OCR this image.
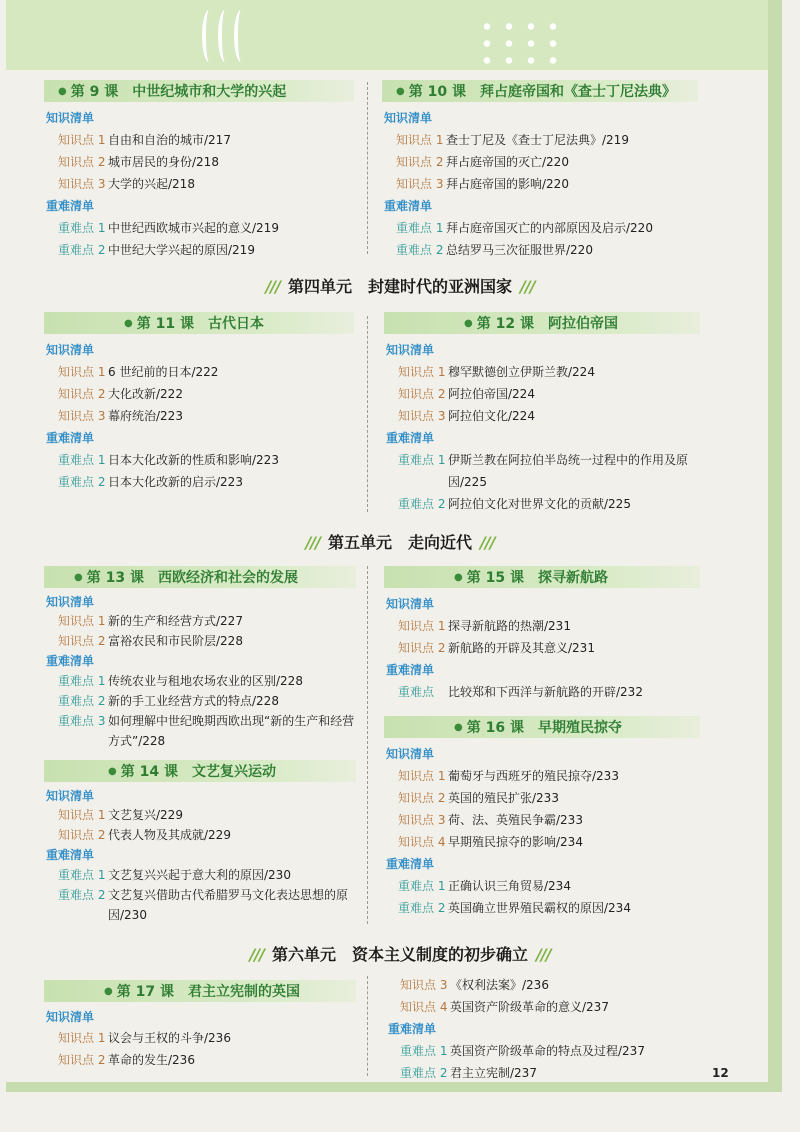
● 第 9 课 中世纪城市和大学的兴起
知识清单
知识点 1 自由和自治的城市/217
知识点 2 城市居民的身份/218
知识点 3 大学的兴起/218
重难清单
重难点 1 中世纪西欧城市兴起的意义/219
重难点 2 中世纪大学兴起的原因/219
● 第 10 课 拜占庭帝国和《查士丁尼法典》
知识清单
知识点 1 查士丁尼及《查士丁尼法典》/219
知识点 2 拜占庭帝国的灭亡/220
知识点 3 拜占庭帝国的影响/220
重难清单
重难点 1 拜占庭帝国灭亡的内部原因及启示/220
重难点 2 总结罗马三次征服世界/220
/// 第四单元　封建时代的亚洲国家 ///
● 第 11 课 古代日本
知识清单
知识点 1 6 世纪前的日本/222
知识点 2 大化改新/222
知识点 3 幕府统治/223
重难清单
重难点 1 日本大化改新的性质和影响/223
重难点 2 日本大化改新的启示/223
● 第 12 课 阿拉伯帝国
知识清单
知识点 1 穆罕默德创立伊斯兰教/224
知识点 2 阿拉伯帝国/224
知识点 3 阿拉伯文化/224
重难清单
重难点 1 伊斯兰教在阿拉伯半岛统一过程中的作用及原因/225
重难点 2 阿拉伯文化对世界文化的贡献/225
/// 第五单元　走向近代 ///
● 第 13 课 西欧经济和社会的发展
知识清单
知识点 1 新的生产和经营方式/227
知识点 2 富裕农民和市民阶层/228
重难清单
重难点 1 传统农业与租地农场农业的区别/228
重难点 2 新的手工业经营方式的特点/228
重难点 3 如何理解中世纪晚期西欧出现“新的生产和经营方式”/228
● 第 14 课 文艺复兴运动
知识清单
知识点 1 文艺复兴/229
知识点 2 代表人物及其成就/229
重难清单
重难点 1 文艺复兴兴起于意大利的原因/230
重难点 2 文艺复兴借助古代希腊罗马文化表达思想的原因/230
● 第 15 课 探寻新航路
知识清单
知识点 1 探寻新航路的热潮/231
知识点 2 新航路的开辟及其意义/231
重难清单
重难点	比较郑和下西洋与新航路的开辟/232
● 第 16 课 早期殖民掠夺
知识清单
知识点 1 葡萄牙与西班牙的殖民掠夺/233
知识点 2 英国的殖民扩张/233
知识点 3 荷、法、英殖民争霸/233
知识点 4 早期殖民掠夺的影响/234
重难清单
重难点 1 正确认识三角贸易/234
重难点 2 英国确立世界殖民霸权的原因/234
/// 第六单元　资本主义制度的初步确立 ///
● 第 17 课 君主立宪制的英国
知识清单
知识点 1 议会与王权的斗争/236
知识点 2 革命的发生/236
知识点 3 《权利法案》/236
知识点 4 英国资产阶级革命的意义/237
重难清单
重难点 1 英国资产阶级革命的特点及过程/237
重难点 2 君主立宪制/237	12
